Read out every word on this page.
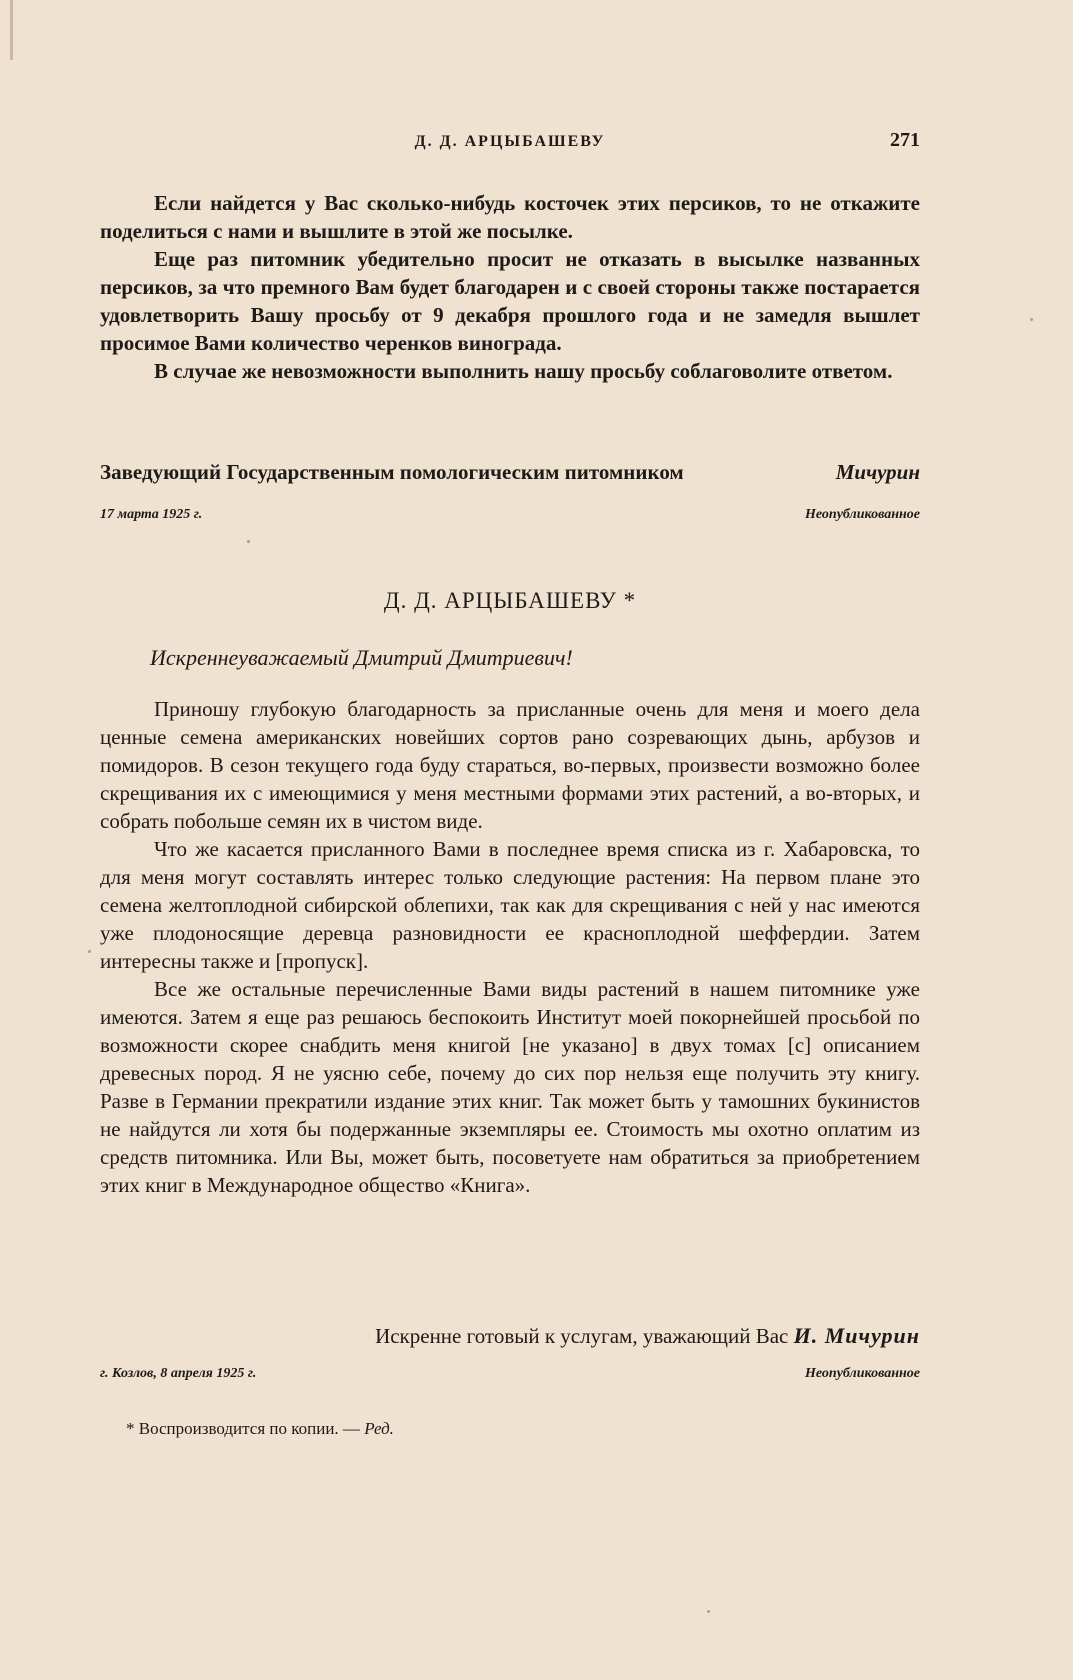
Д. Д. АРЦЫБАШЕВУ	271

Если найдется у Вас сколько-нибудь косточек этих персиков, то не откажите поделиться с нами и вышлите в этой же посылке.

Еще раз питомник убедительно просит не отказать в высылке названных персиков, за что премного Вам будет благодарен и с своей стороны также постарается удовлетворить Вашу просьбу от 9 декабря прошлого года и не замедля вышлет просимое Вами количество черенков винограда.

В случае же невозможности выполнить нашу просьбу соблаговолите ответом.

Заведующий Государственным помологическим питомником	Мичурин
17 марта 1925 г.	Неопубликованное
Д. Д. АРЦЫБАШЕВУ *
Искреннеуважаемый Дмитрий Дмитриевич!

Приношу глубокую благодарность за присланные очень для меня и моего дела ценные семена американских новейших сортов рано созревающих дынь, арбузов и помидоров. В сезон текущего года буду стараться, во-первых, произвести возможно более скрещивания их с имеющимися у меня местными формами этих растений, а во-вторых, и собрать побольше семян их в чистом виде.

Что же касается присланного Вами в последнее время списка из г. Хабаровска, то для меня могут составлять интерес только следующие растения: На первом плане это семена желтоплодной сибирской облепихи, так как для скрещивания с ней у нас имеются уже плодоносящие деревца разновидности ее красноплодной шеффердии. Затем интересны также и [пропуск].

Все же остальные перечисленные Вами виды растений в нашем питомнике уже имеются. Затем я еще раз решаюсь беспокоить Институт моей покорнейшей просьбой по возможности скорее снабдить меня книгой [не указано] в двух томах [с] описанием древесных пород. Я не уясню себе, почему до сих пор нельзя еще получить эту книгу. Разве в Германии прекратили издание этих книг. Так может быть у тамошних букинистов не найдутся ли хотя бы подержанные экземпляры ее. Стоимость мы охотно оплатим из средств питомника. Или Вы, может быть, посоветуете нам обратиться за приобретением этих книг в Международное общество «Книга».

Искренне готовый к услугам, уважающий Вас И. Мичурин
г. Козлов, 8 апреля 1925 г.	Неопубликованное
* Воспроизводится по копии. — Ред.
